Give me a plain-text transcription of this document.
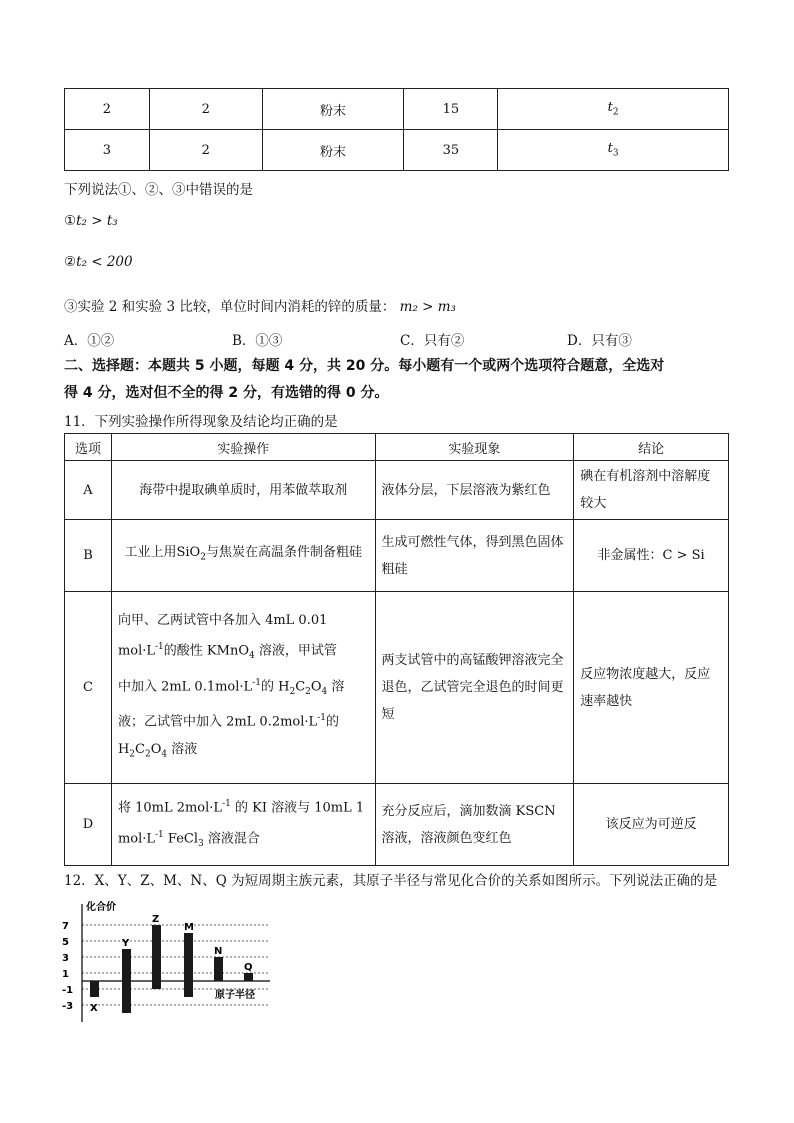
2	2	粉末	15	$t_2$
3	2	粉末	35	$t_3$
下列说法①、②、③中错误的是
①t₂ > t₃
②t₂ < 200
③实验 2 和实验 3 比较，单位时间内消耗的锌的质量： m₂ > m₃
A．①②	B．①③	C．只有②	D．只有③
二、选择题：本题共 5 小题，每题 4 分，共 20 分。每小题有一个或两个选项符合题意，全选对
得 4 分，选对但不全的得 2 分，有选错的得 0 分。
11．下列实验操作所得现象及结论均正确的是
选项	实验操作	实验现象	结论
A	海带中提取碘单质时，用苯做萃取剂	液体分层，下层溶液为紫红色	碘在有机溶剂中溶解度较大
B	工业上用SiO$_2$与焦炭在高温条件制备粗硅	生成可燃性气体，得到黑色固体粗硅	非金属性：C > Si
C	向甲、乙两试管中各加入 4mL 0.01
$mol\cdot L^{-1}$的酸性 KMnO$_4$ 溶液，甲试管
中加入 2mL $0.1mol\cdot L^{-1}$的 $H_2C_2O_4$ 溶
液；乙试管中加入 2mL $0.2mol\cdot L^{-1}$的
$H_2C_2O_4$ 溶液	两支试管中的高锰酸钾溶液完全退色，乙试管完全退色的时间更短	反应物浓度越大，反应速率越快
D	将 10mL $2mol\cdot L^{-1}$ 的 KI 溶液与 10mL 1
$mol\cdot L^{-1}$ FeCl$_3$ 溶液混合	充分反应后，滴加数滴 KSCN 溶液，溶液颜色变红色	该反应为可逆反
12．X、Y、Z、M、N、Q 为短周期主族元素，其原子半径与常见化合价的关系如图所示。下列说法正确的是
化合价
原子半径
7
5
3
1
-1
-3 X
Y
Z
M
N
Q
